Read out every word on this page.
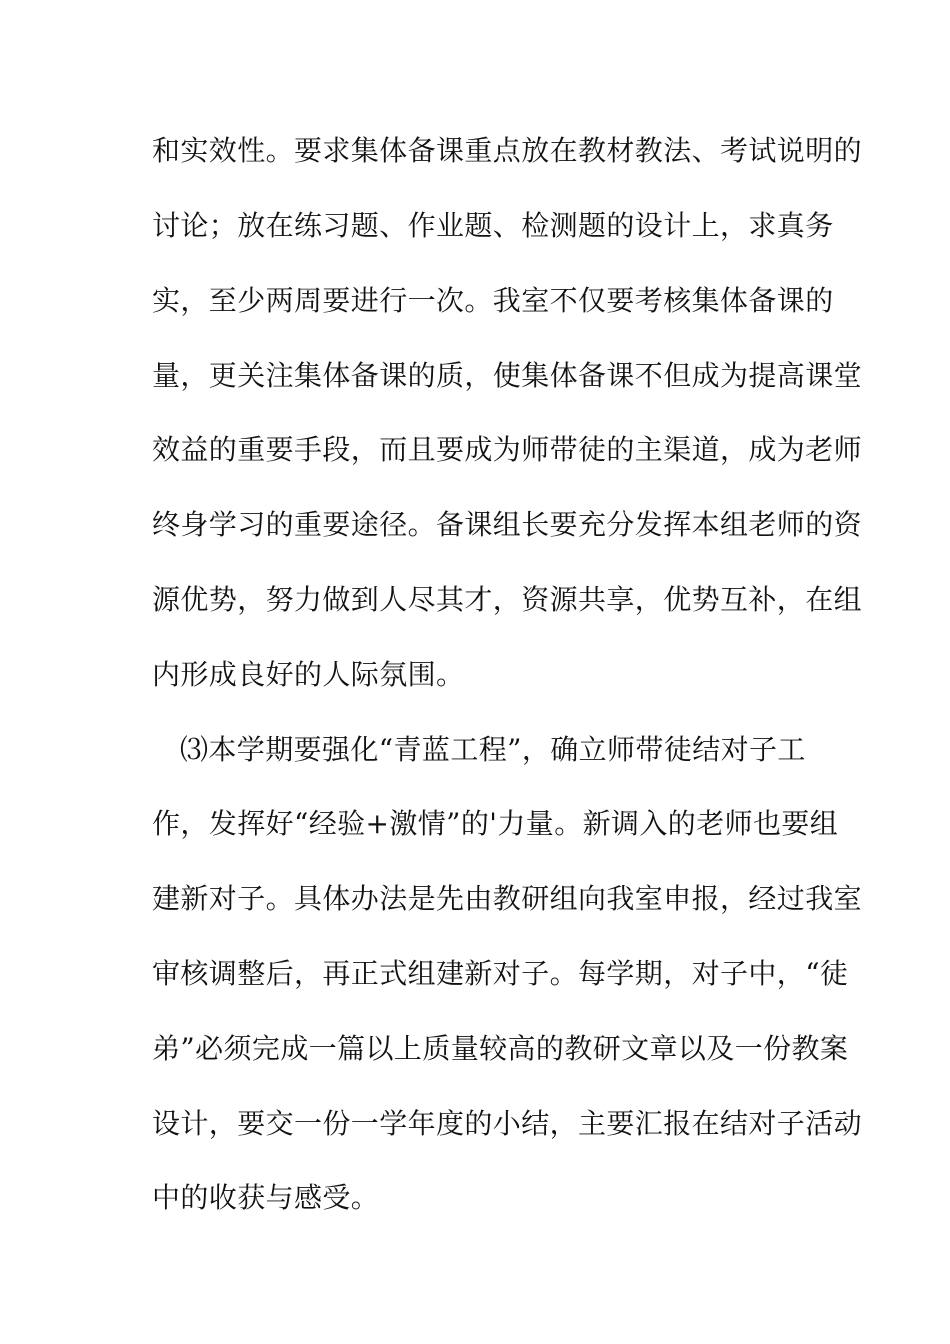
和实效性。要求集体备课重点放在教材教法、考试说明的
讨论；放在练习题、作业题、检测题的设计上，求真务
实，至少两周要进行一次。我室不仅要考核集体备课的
量，更关注集体备课的质，使集体备课不但成为提高课堂
效益的重要手段，而且要成为师带徒的主渠道，成为老师
终身学习的重要途径。备课组长要充分发挥本组老师的资
源优势，努力做到人尽其才，资源共享，优势互补，在组
内形成良好的人际氛围。
⑶本学期要强化“青蓝工程”，确立师带徒结对子工
作，发挥好“经验+激情”的'力量。新调入的老师也要组
建新对子。具体办法是先由教研组向我室申报，经过我室
审核调整后，再正式组建新对子。每学期，对子中，“徒
弟”必须完成一篇以上质量较高的教研文章以及一份教案
设计，要交一份一学年度的小结，主要汇报在结对子活动
中的收获与感受。
